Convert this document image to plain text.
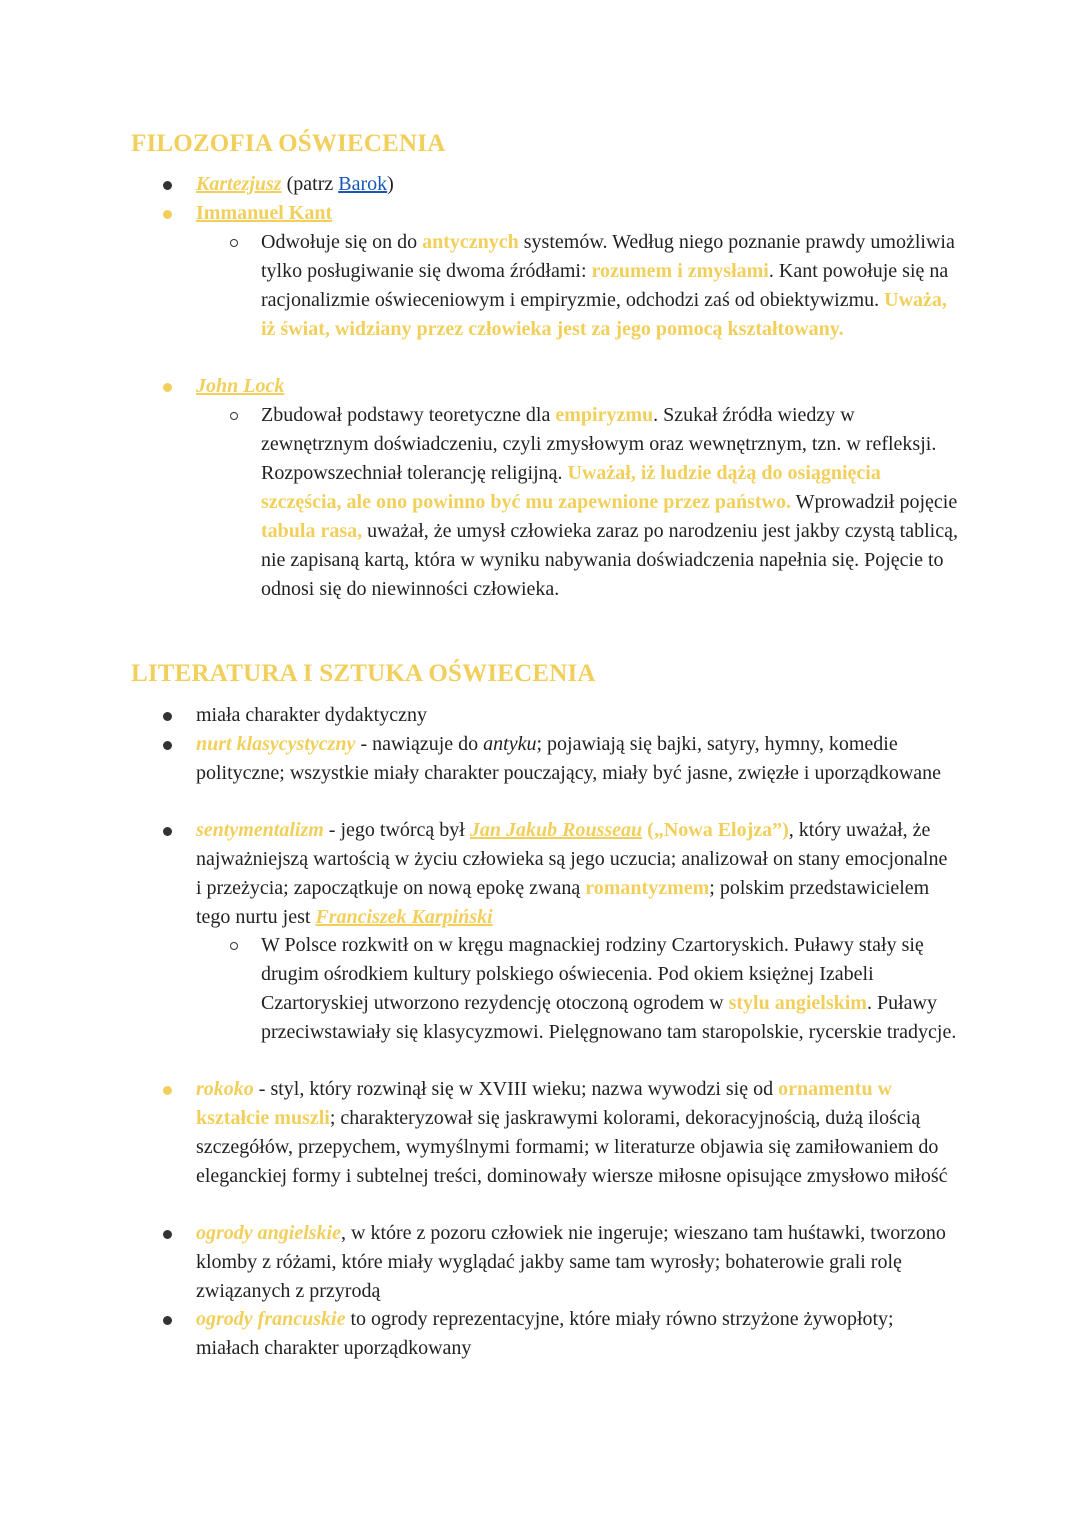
FILOZOFIA OŚWIECENIA

Kartezjusz (patrz Barok)

Immanuel Kant

Odwołuje się on do antycznych systemów. Według niego poznanie prawdy umożliwia tylko posługiwanie się dwoma źródłami: rozumem i zmysłami. Kant powołuje się na racjonalizmie oświeceniowym i empiryzmie, odchodzi zaś od obiektywizmu. Uważa, iż świat, widziany przez człowieka jest za jego pomocą kształtowany.

John Lock

Zbudował podstawy teoretyczne dla empiryzmu. Szukał źródła wiedzy w zewnętrznym doświadczeniu, czyli zmysłowym oraz wewnętrznym, tzn. w refleksji. Rozpowszechniał tolerancję religijną. Uważał, iż ludzie dążą do osiągnięcia szczęścia, ale ono powinno być mu zapewnione przez państwo. Wprowadził pojęcie tabula rasa, uważał, że umysł człowieka zaraz po narodzeniu jest jakby czystą tablicą, nie zapisaną kartą, która w wyniku nabywania doświadczenia napełnia się. Pojęcie to odnosi się do niewinności człowieka.

LITERATURA I SZTUKA OŚWIECENIA

miała charakter dydaktyczny

nurt klasycystyczny - nawiązuje do antyku; pojawiają się bajki, satyry, hymny, komedie polityczne; wszystkie miały charakter pouczający, miały być jasne, zwięzłe i uporządkowane

sentymentalizm - jego twórcą był Jan Jakub Rousseau („Nowa Elojza”), który uważał, że najważniejszą wartością w życiu człowieka są jego uczucia; analizował on stany emocjonalne i przeżycia; zapoczątkuje on nową epokę zwaną romantyzmem; polskim przedstawicielem tego nurtu jest Franciszek Karpiński

W Polsce rozkwitł on w kręgu magnackiej rodziny Czartoryskich. Puławy stały się drugim ośrodkiem kultury polskiego oświecenia. Pod okiem księżnej Izabeli Czartoryskiej utworzono rezydencję otoczoną ogrodem w stylu angielskim. Puławy przeciwstawiały się klasycyzmowi. Pielęgnowano tam staropolskie, rycerskie tradycje.

rokoko - styl, który rozwinął się w XVIII wieku; nazwa wywodzi się od ornamentu w kształcie muszli; charakteryzował się jaskrawymi kolorami, dekoracyjnością, dużą ilością szczegółów, przepychem, wymyślnymi formami; w literaturze objawia się zamiłowaniem do eleganckiej formy i subtelnej treści, dominowały wiersze miłosne opisujące zmysłowo miłość

ogrody angielskie, w które z pozoru człowiek nie ingeruje; wieszano tam huśtawki, tworzono klomby z różami, które miały wyglądać jakby same tam wyrosły; bohaterowie grali rolę związanych z przyrodą

ogrody francuskie to ogrody reprezentacyjne, które miały równo strzyżone żywopłoty; miałach charakter uporządkowany
